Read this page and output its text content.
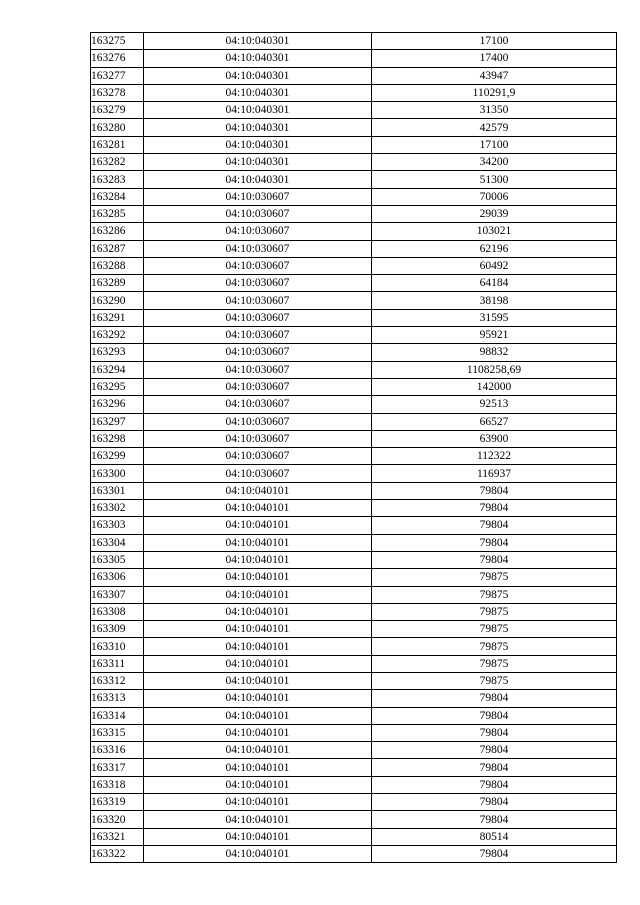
163275	04:10:040301	17100
163276	04:10:040301	17400
163277	04:10:040301	43947
163278	04:10:040301	110291,9
163279	04:10:040301	31350
163280	04:10:040301	42579
163281	04:10:040301	17100
163282	04:10:040301	34200
163283	04:10:040301	51300
163284	04:10:030607	70006
163285	04:10:030607	29039
163286	04:10:030607	103021
163287	04:10:030607	62196
163288	04:10:030607	60492
163289	04:10:030607	64184
163290	04:10:030607	38198
163291	04:10:030607	31595
163292	04:10:030607	95921
163293	04:10:030607	98832
163294	04:10:030607	1108258,69
163295	04:10:030607	142000
163296	04:10:030607	92513
163297	04:10:030607	66527
163298	04:10:030607	63900
163299	04:10:030607	112322
163300	04:10:030607	116937
163301	04:10:040101	79804
163302	04:10:040101	79804
163303	04:10:040101	79804
163304	04:10:040101	79804
163305	04:10:040101	79804
163306	04:10:040101	79875
163307	04:10:040101	79875
163308	04:10:040101	79875
163309	04:10:040101	79875
163310	04:10:040101	79875
163311	04:10:040101	79875
163312	04:10:040101	79875
163313	04:10:040101	79804
163314	04:10:040101	79804
163315	04:10:040101	79804
163316	04:10:040101	79804
163317	04:10:040101	79804
163318	04:10:040101	79804
163319	04:10:040101	79804
163320	04:10:040101	79804
163321	04:10:040101	80514
163322	04:10:040101	79804
